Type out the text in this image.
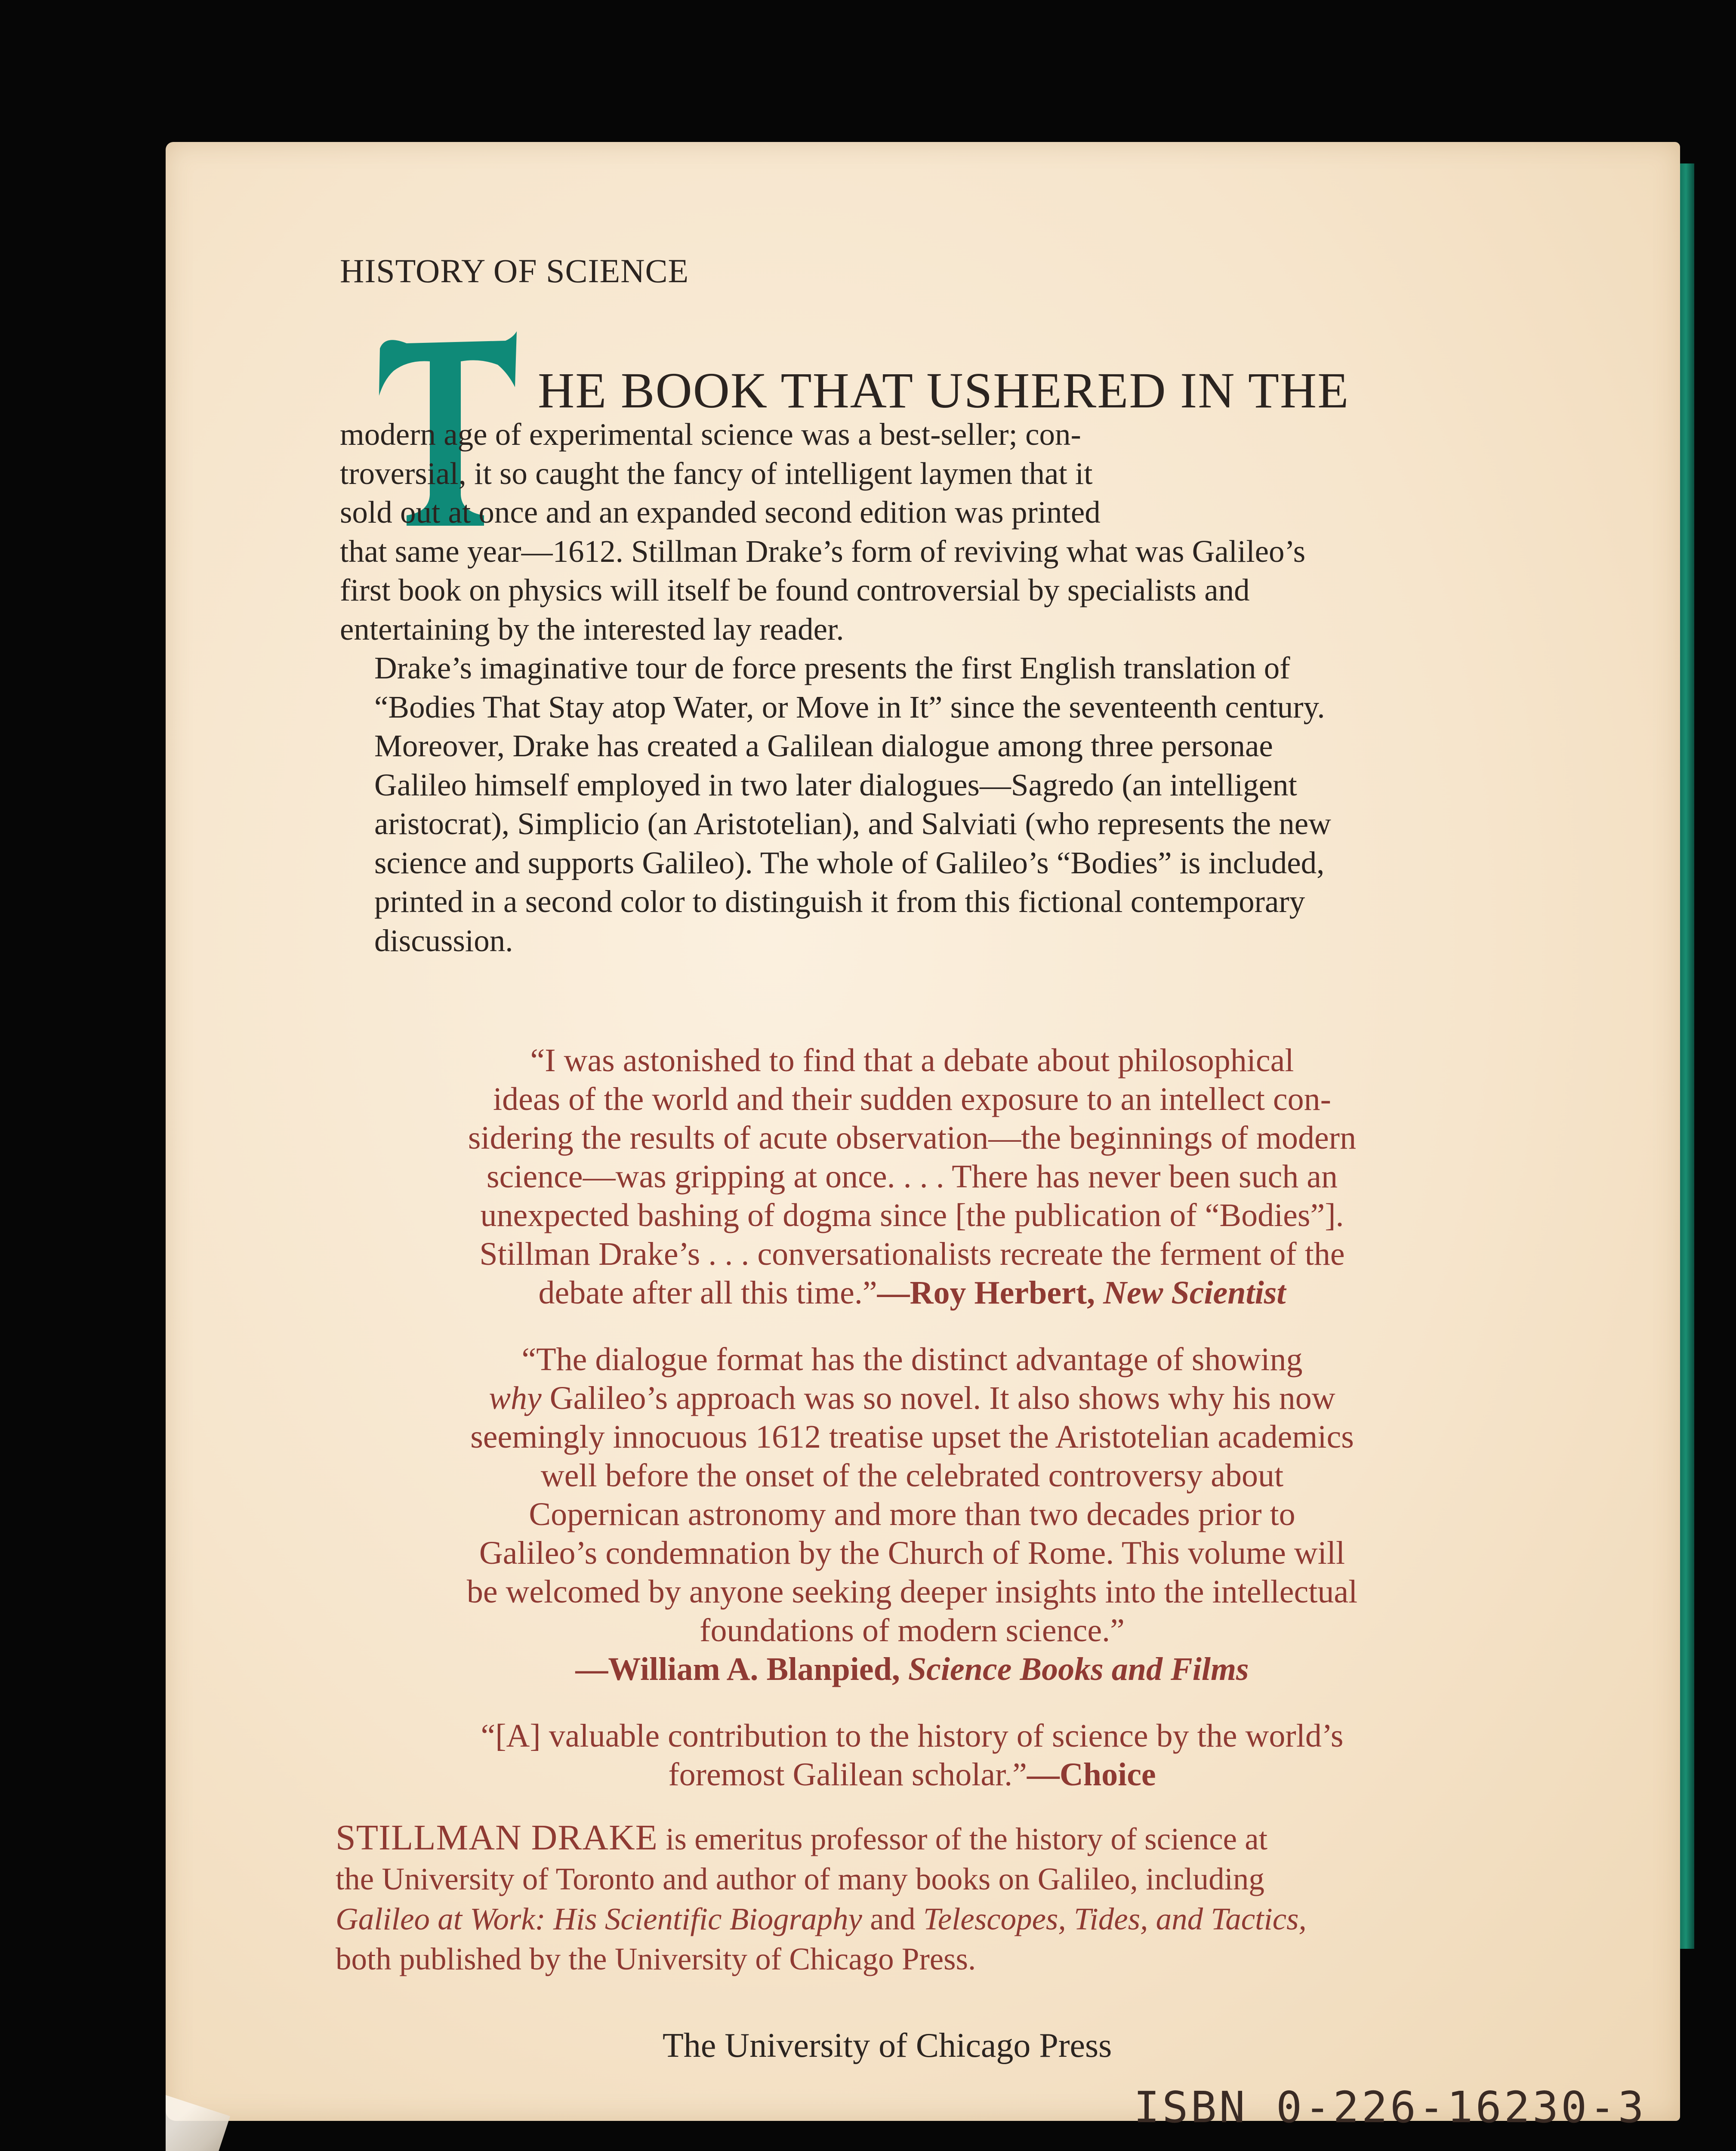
HISTORY OF SCIENCE
HE BOOK THAT USHERED IN THE

modern age of experimental science was a best-seller; con-
troversial, it so caught the fancy of intelligent laymen that it
sold out at once and an expanded second edition was printed
that same year—1612. Stillman Drake’s form of reviving what was Galileo’s
first book on physics will itself be found controversial by specialists and
entertaining by the interested lay reader.

Drake’s imaginative tour de force presents the first English translation of
“Bodies That Stay atop Water, or Move in It” since the seventeenth century.
Moreover, Drake has created a Galilean dialogue among three personae
Galileo himself employed in two later dialogues—Sagredo (an intelligent
aristocrat), Simplicio (an Aristotelian), and Salviati (who represents the new
science and supports Galileo). The whole of Galileo’s “Bodies” is included,
printed in a second color to distinguish it from this fictional contemporary
discussion.

“I was astonished to find that a debate about philosophical
ideas of the world and their sudden exposure to an intellect con-
sidering the results of acute observation—the beginnings of modern
science—was gripping at once. . . . There has never been such an
unexpected bashing of dogma since [the publication of “Bodies”].
Stillman Drake’s . . . conversationalists recreate the ferment of the
debate after all this time.”—Roy Herbert, New Scientist
“The dialogue format has the distinct advantage of showing
why Galileo’s approach was so novel. It also shows why his now
seemingly innocuous 1612 treatise upset the Aristotelian academics
well before the onset of the celebrated controversy about
Copernican astronomy and more than two decades prior to
Galileo’s condemnation by the Church of Rome. This volume will
be welcomed by anyone seeking deeper insights into the intellectual
foundations of modern science.”
—William A. Blanpied, Science Books and Films
“[A] valuable contribution to the history of science by the world’s
foremost Galilean scholar.”—Choice
STILLMAN DRAKE is emeritus professor of the history of science at
the University of Toronto and author of many books on Galileo, including
Galileo at Work: His Scientific Biography and Telescopes, Tides, and Tactics,
both published by the University of Chicago Press.
The University of Chicago Press
ISBN 0-226-16230-3
